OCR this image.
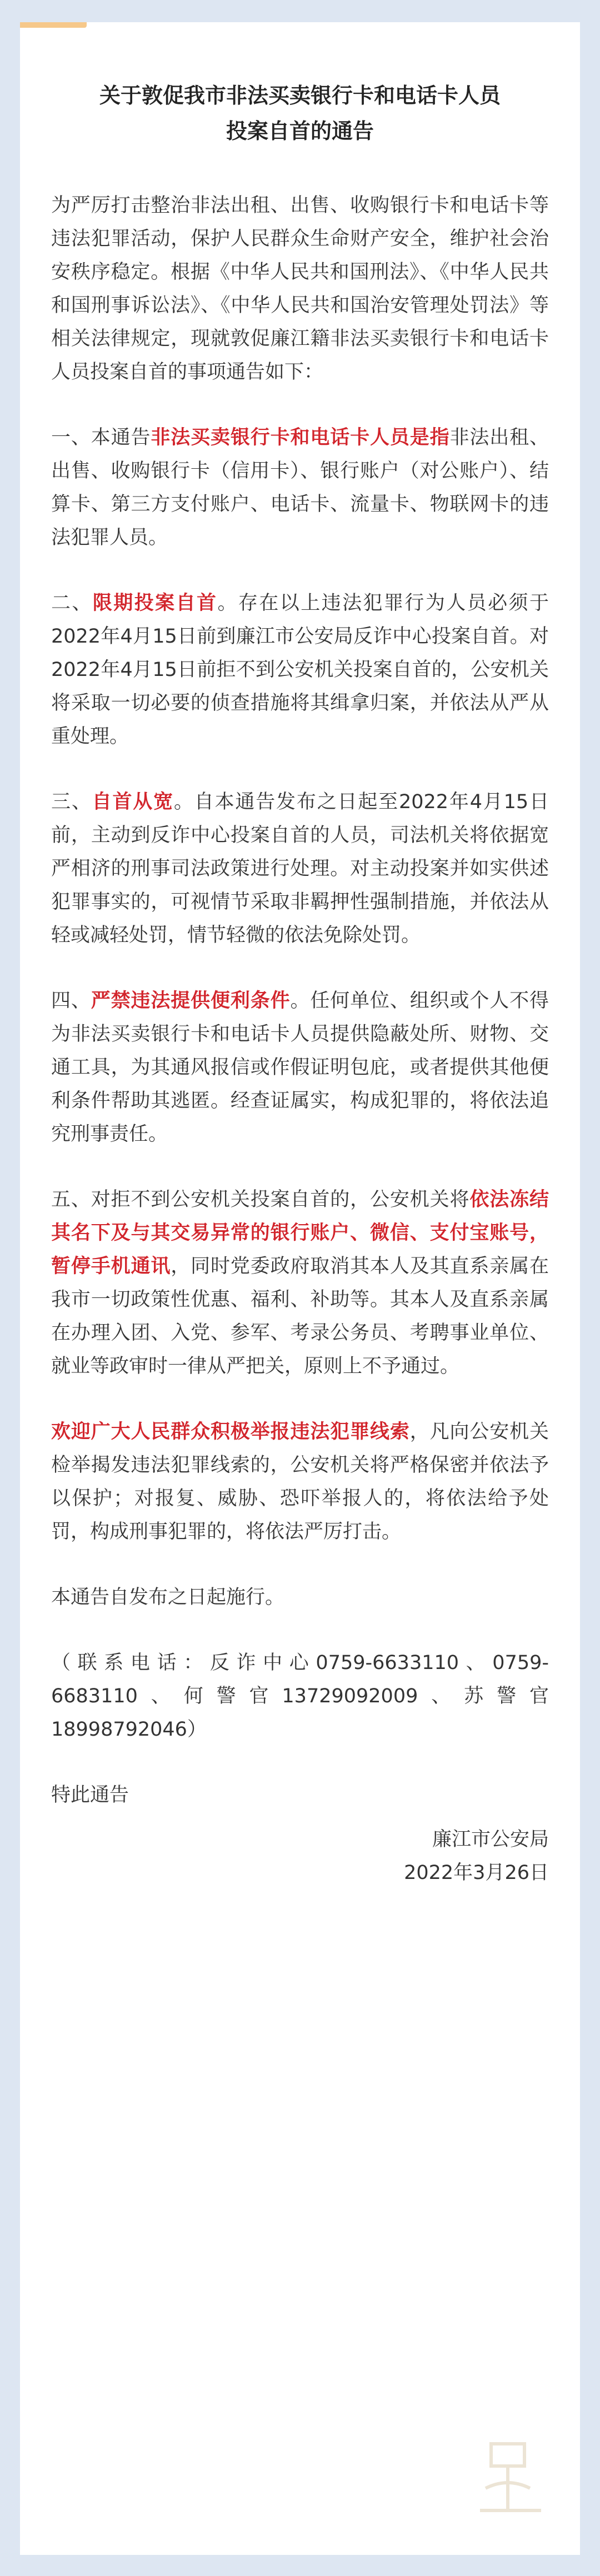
关于敦促我市非法买卖银行卡和电话卡人员
投案自首的通告

为严厉打击整治非法出租、出售、收购银行卡和电话卡等违法犯罪活动，保护人民群众生命财产安全，维护社会治安秩序稳定。根据《中华人民共和国刑法》、《中华人民共和国刑事诉讼法》、《中华人民共和国治安管理处罚法》等相关法律规定，现就敦促廉江籍非法买卖银行卡和电话卡人员投案自首的事项通告如下：

一、本通告非法买卖银行卡和电话卡人员是指非法出租、出售、收购银行卡（信用卡）、银行账户（对公账户）、结算卡、第三方支付账户、电话卡、流量卡、物联网卡的违法犯罪人员。

二、限期投案自首。存在以上违法犯罪行为人员必须于2022年4月15日前到廉江市公安局反诈中心投案自首。对2022年4月15日前拒不到公安机关投案自首的，公安机关将采取一切必要的侦查措施将其缉拿归案，并依法从严从重处理。

三、自首从宽。自本通告发布之日起至2022年4月15日前，主动到反诈中心投案自首的人员，司法机关将依据宽严相济的刑事司法政策进行处理。对主动投案并如实供述犯罪事实的，可视情节采取非羁押性强制措施，并依法从轻或减轻处罚，情节轻微的依法免除处罚。

四、严禁违法提供便利条件。任何单位、组织或个人不得为非法买卖银行卡和电话卡人员提供隐蔽处所、财物、交通工具，为其通风报信或作假证明包庇，或者提供其他便利条件帮助其逃匿。经查证属实，构成犯罪的，将依法追究刑事责任。

五、对拒不到公安机关投案自首的，公安机关将依法冻结其名下及与其交易异常的银行账户、微信、支付宝账号，暂停手机通讯，同时党委政府取消其本人及其直系亲属在我市一切政策性优惠、福利、补助等。其本人及直系亲属在办理入团、入党、参军、考录公务员、考聘事业单位、就业等政审时一律从严把关，原则上不予通过。

欢迎广大人民群众积极举报违法犯罪线索，凡向公安机关检举揭发违法犯罪线索的，公安机关将严格保密并依法予以保护；对报复、威胁、恐吓举报人的，将依法给予处罚，构成刑事犯罪的，将依法严厉打击。

本通告自发布之日起施行。

（联系电话：反诈中心0759-6633110、0759-6683110、何警官13729092009、苏警官18998792046）

特此通告

廉江市公安局

2022年3月26日
